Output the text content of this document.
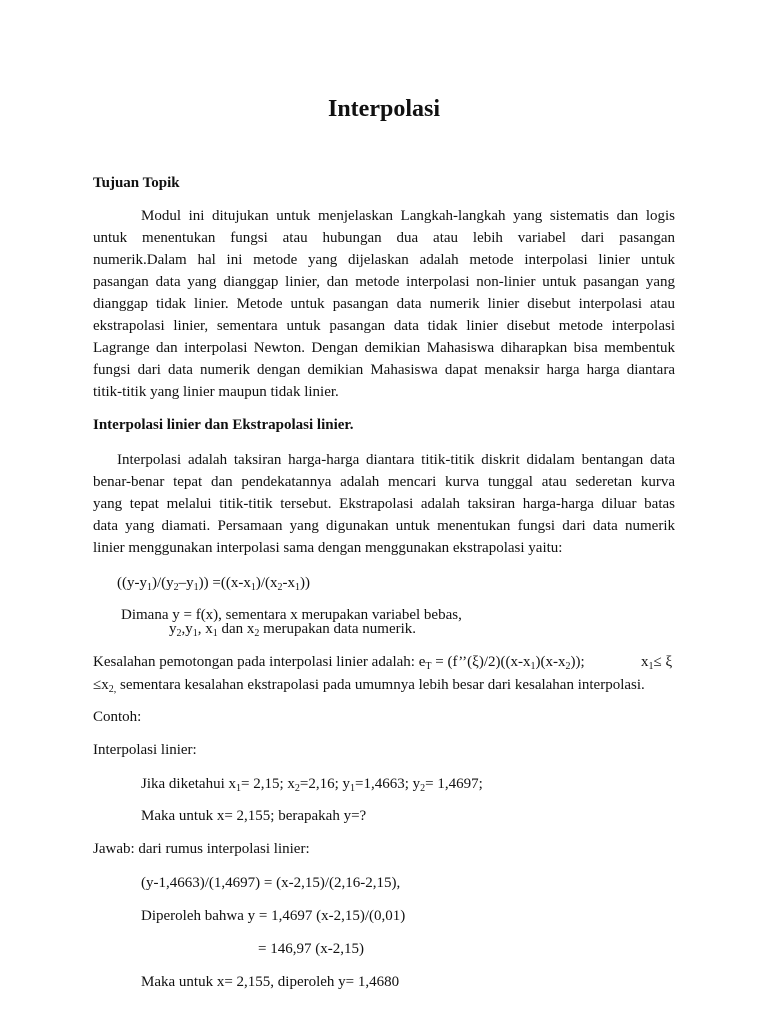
Interpolasi
Tujuan Topik
Modul ini ditujukan untuk menjelaskan Langkah-langkah yang sistematis dan logis
untuk menentukan fungsi atau hubungan dua atau lebih variabel dari pasangan
numerik.Dalam hal ini metode yang dijelaskan adalah metode interpolasi linier untuk
pasangan data yang dianggap linier, dan metode interpolasi non-linier untuk pasangan yang
dianggap tidak linier. Metode untuk pasangan data numerik linier disebut interpolasi atau
ekstrapolasi linier, sementara untuk pasangan data tidak linier disebut metode interpolasi
Lagrange dan interpolasi Newton. Dengan demikian Mahasiswa diharapkan bisa membentuk
fungsi dari data numerik dengan demikian Mahasiswa dapat menaksir harga harga diantara
titik-titik yang linier maupun tidak linier.
Interpolasi linier dan Ekstrapolasi linier.
Interpolasi adalah taksiran harga-harga diantara titik-titik diskrit didalam bentangan data
benar-benar tepat dan pendekatannya adalah mencari kurva tunggal atau sederetan kurva
yang tepat melalui titik-titik tersebut. Ekstrapolasi adalah taksiran harga-harga diluar batas
data yang diamati. Persamaan yang digunakan untuk menentukan fungsi dari data numerik
linier menggunakan interpolasi sama dengan menggunakan ekstrapolasi yaitu:
$((y-y_1)/(y_2-y_1)) =((x-x_1)/(x_2-x_1))$
Dimana y = f(x), sementara x merupakan variabel bebas,
$y_2,y_1$, $x_1$ dan $x_2$ merupakan data numerik.
Kesalahan pemotongan pada interpolasi linier adalah: $e_T$ = $(f’’(\xi)/2)((x-x_1)(x-x_2))$;	$x_1\le \xi$
$\le x_{2,}$ sementara kesalahan ekstrapolasi pada umumnya lebih besar dari kesalahan interpolasi.
Contoh:
Interpolasi linier:
Jika diketahui $x_1= 2,15$; $x_2=2,16$; $y_1=1,4663$; $y_2= 1,4697$;
Maka untuk x= 2,155; berapakah y=?
Jawab: dari rumus interpolasi linier:
(y-1,4663)/(1,4697) = (x-2,15)/(2,16-2,15),
Diperoleh bahwa y = 1,4697 (x-2,15)/(0,01)
= 146,97 (x-2,15)
Maka untuk x= 2,155, diperoleh y= 1,4680
